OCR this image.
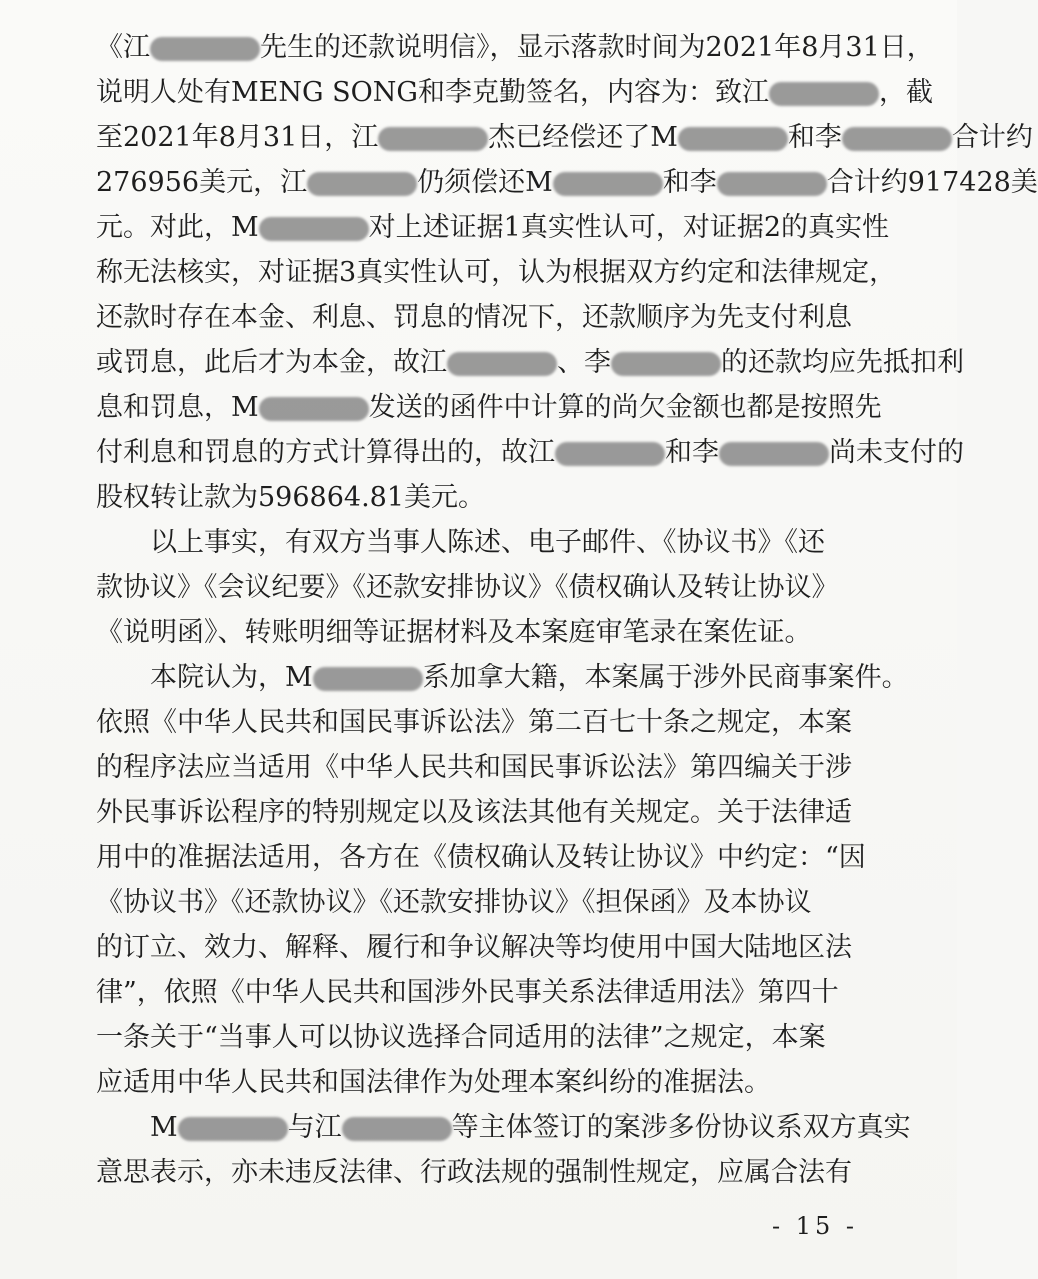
《江	先生的还款说明信》，显示落款时间为2021年8月31日，
说明人处有MENG SONG和李克勤签名，内容为：致江	，截
至2021年8月31日，江	杰已经偿还了M	和李	合计约
276956美元，江	仍须偿还M	和李	合计约917428美
元。对此，M	对上述证据1真实性认可，对证据2的真实性
称无法核实，对证据3真实性认可，认为根据双方约定和法律规定，
还款时存在本金、利息、罚息的情况下，还款顺序为先支付利息
或罚息，此后才为本金，故江	、李	的还款均应先抵扣利
息和罚息，M	发送的函件中计算的尚欠金额也都是按照先
付利息和罚息的方式计算得出的，故江	和李	尚未支付的
股权转让款为596864.81美元。
以上事实，有双方当事人陈述、电子邮件、《协议书》《还
款协议》《会议纪要》《还款安排协议》《债权确认及转让协议》
《说明函》、转账明细等证据材料及本案庭审笔录在案佐证。
本院认为，M	系加拿大籍，本案属于涉外民商事案件。
依照《中华人民共和国民事诉讼法》第二百七十条之规定，本案
的程序法应当适用《中华人民共和国民事诉讼法》第四编关于涉
外民事诉讼程序的特别规定以及该法其他有关规定。关于法律适
用中的准据法适用，各方在《债权确认及转让协议》中约定：“因
《协议书》《还款协议》《还款安排协议》《担保函》及本协议
的订立、效力、解释、履行和争议解决等均使用中国大陆地区法
律”，依照《中华人民共和国涉外民事关系法律适用法》第四十
一条关于“当事人可以协议选择合同适用的法律”之规定，本案
应适用中华人民共和国法律作为处理本案纠纷的准据法。
M	与江	等主体签订的案涉多份协议系双方真实
意思表示，亦未违反法律、行政法规的强制性规定，应属合法有
- 15 -
